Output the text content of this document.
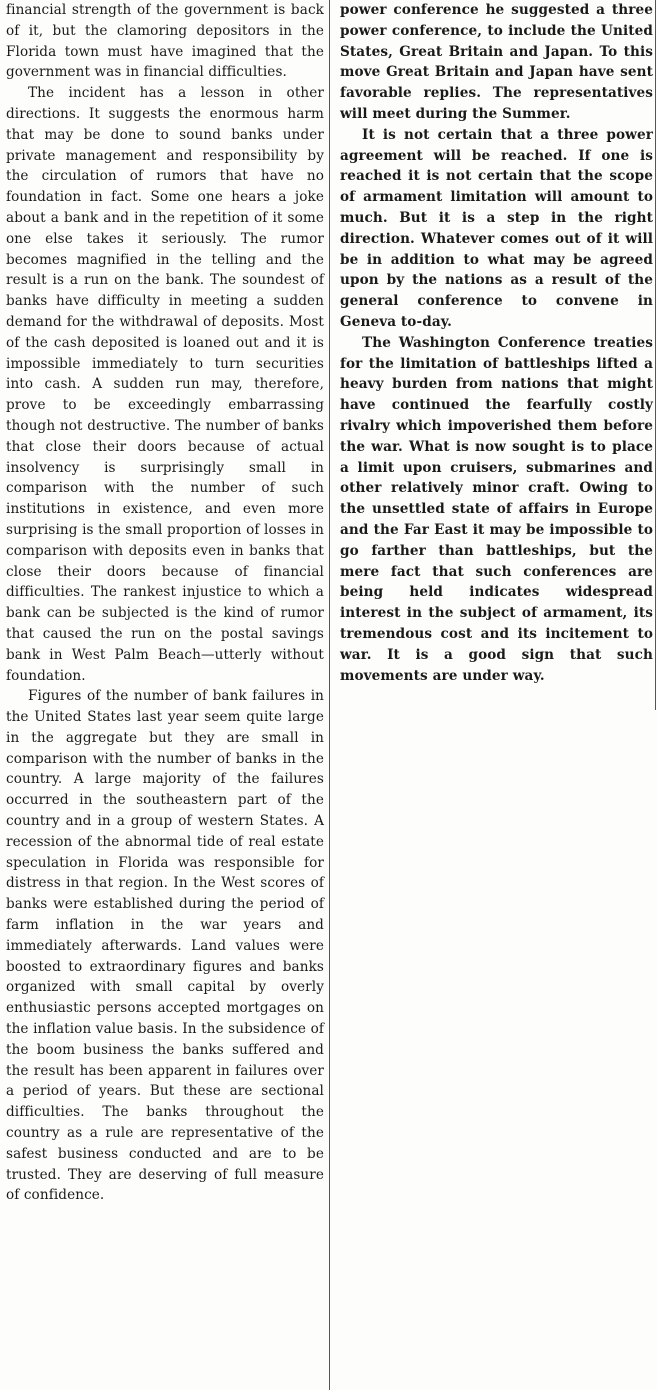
financial strength of the government is back of it, but the clamoring depositors in the Florida town must have imagined that the government was in financial difficulties.

The incident has a lesson in other directions. It suggests the enormous harm that may be done to sound banks under private management and responsibility by the circulation of rumors that have no foundation in fact. Some one hears a joke about a bank and in the repetition of it some one else takes it seriously. The rumor becomes magnified in the telling and the result is a run on the bank. The soundest of banks have difficulty in meeting a sudden demand for the withdrawal of deposits. Most of the cash deposited is loaned out and it is impossible immediately to turn securities into cash. A sudden run may, therefore, prove to be exceedingly embarrassing though not destructive. The number of banks that close their doors because of actual insolvency is surprisingly small in comparison with the number of such institutions in existence, and even more surprising is the small proportion of losses in comparison with deposits even in banks that close their doors because of financial difficulties. The rankest injustice to which a bank can be subjected is the kind of rumor that caused the run on the postal savings bank in West Palm Beach—utterly without foundation.

Figures of the number of bank failures in the United States last year seem quite large in the aggregate but they are small in comparison with the number of banks in the country. A large majority of the failures occurred in the southeastern part of the country and in a group of western States. A recession of the abnormal tide of real estate speculation in Florida was responsible for distress in that region. In the West scores of banks were established during the period of farm inflation in the war years and immediately afterwards. Land values were boosted to extraordinary figures and banks organized with small capital by overly enthusiastic persons accepted mortgages on the inflation value basis. In the subsidence of the boom business the banks suffered and the result has been apparent in failures over a period of years. But these are sectional difficulties. The banks throughout the country as a rule are representative of the safest business conducted and are to be trusted. They are deserving of full measure of confidence.

power conference he suggested a three power conference, to include the United States, Great Britain and Japan. To this move Great Britain and Japan have sent favorable replies. The representatives will meet during the Summer.

It is not certain that a three power agreement will be reached. If one is reached it is not certain that the scope of armament limitation will amount to much. But it is a step in the right direction. Whatever comes out of it will be in addition to what may be agreed upon by the nations as a result of the general conference to convene in Geneva to-day.

The Washington Conference treaties for the limitation of battleships lifted a heavy burden from nations that might have continued the fearfully costly rivalry which impoverished them before the war. What is now sought is to place a limit upon cruisers, submarines and other relatively minor craft. Owing to the unsettled state of affairs in Europe and the Far East it may be impossible to go farther than battleships, but the mere fact that such conferences are being held indicates widespread interest in the subject of armament, its tremendous cost and its incitement to war. It is a good sign that such movements are under way.
